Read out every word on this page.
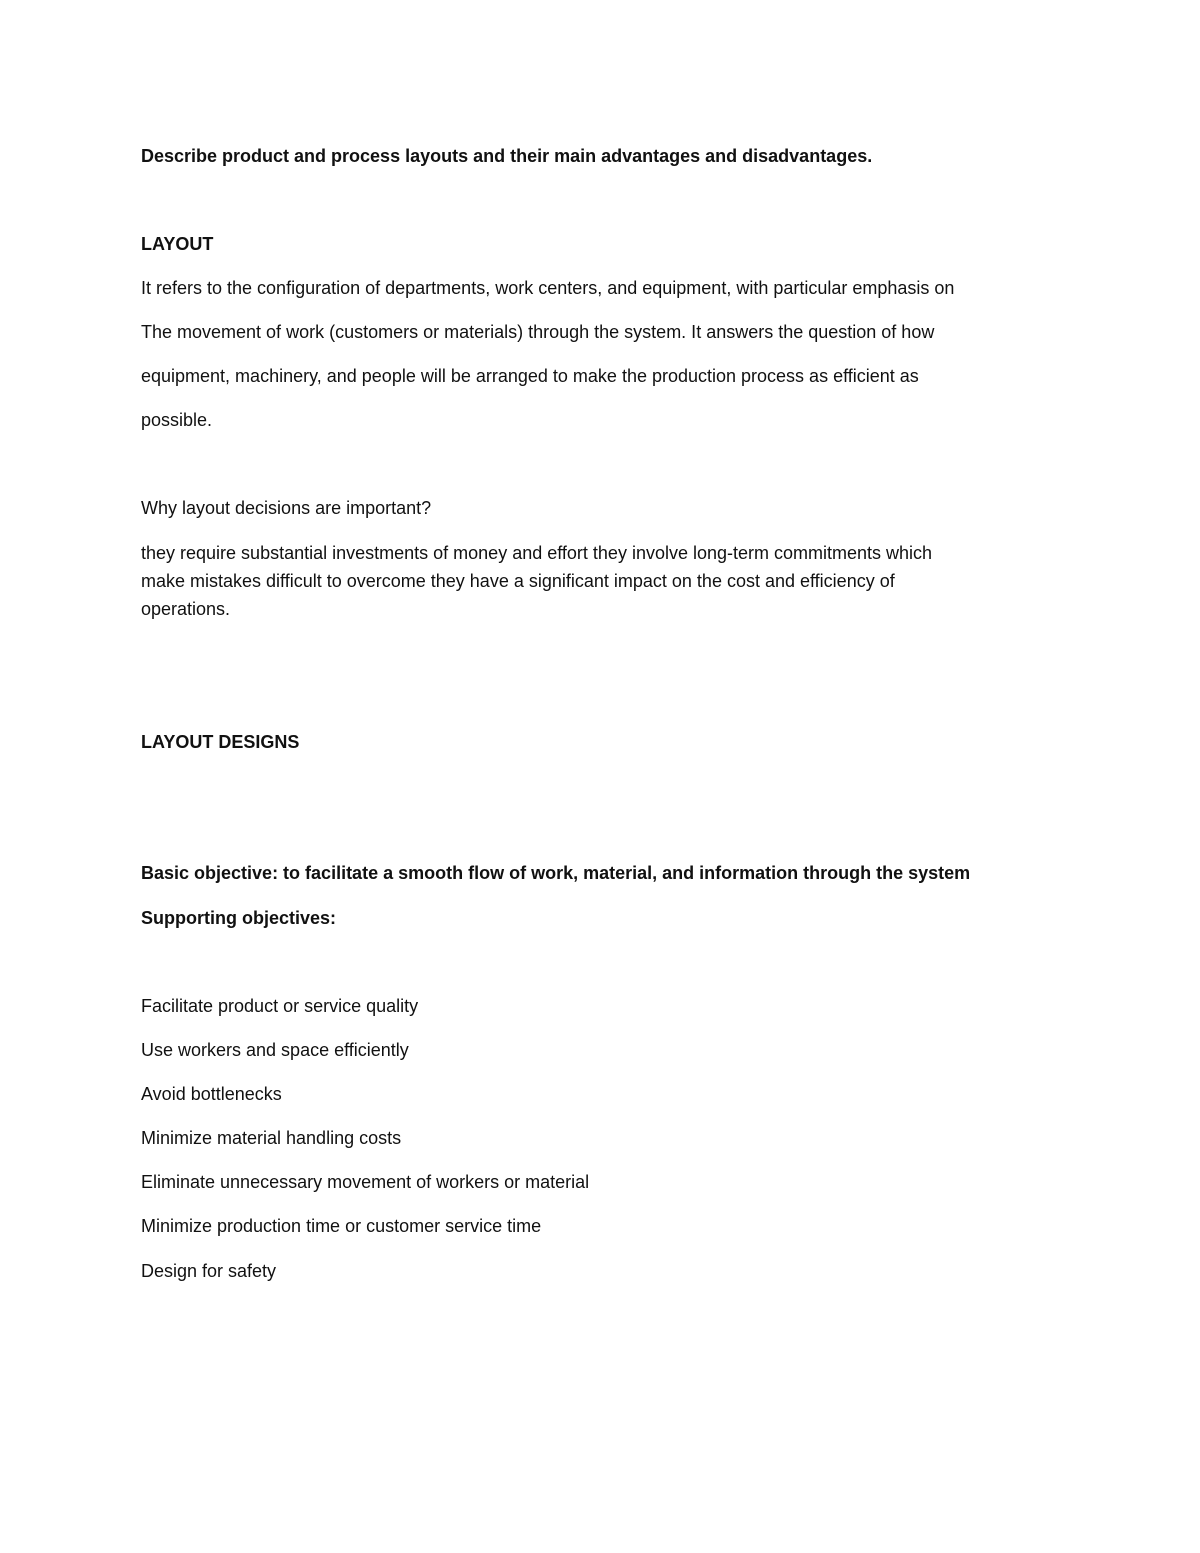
Describe product and process layouts and their main advantages and disadvantages.

LAYOUT

It refers to the configuration of departments, work centers, and equipment, with particular emphasis on

The movement of work (customers or materials) through the system. It answers the question of how

equipment, machinery, and people will be arranged to make the production process as efficient as

possible.

Why layout decisions are important?

they require substantial investments of money and effort they involve long-term commitments which

make mistakes difficult to overcome they have a significant impact on the cost and efficiency of

operations.

LAYOUT DESIGNS

Basic objective: to facilitate a smooth flow of work, material, and information through the system

Supporting objectives:

Facilitate product or service quality

Use workers and space efficiently

Avoid bottlenecks

Minimize material handling costs

Eliminate unnecessary movement of workers or material

Minimize production time or customer service time

Design for safety
